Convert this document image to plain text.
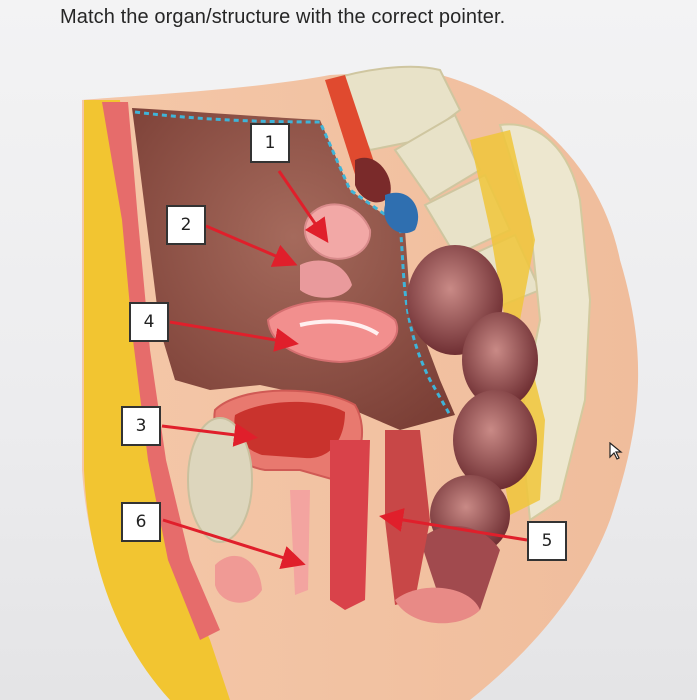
Match the organ/structure with the correct pointer.
1
2
4
3
6
5
